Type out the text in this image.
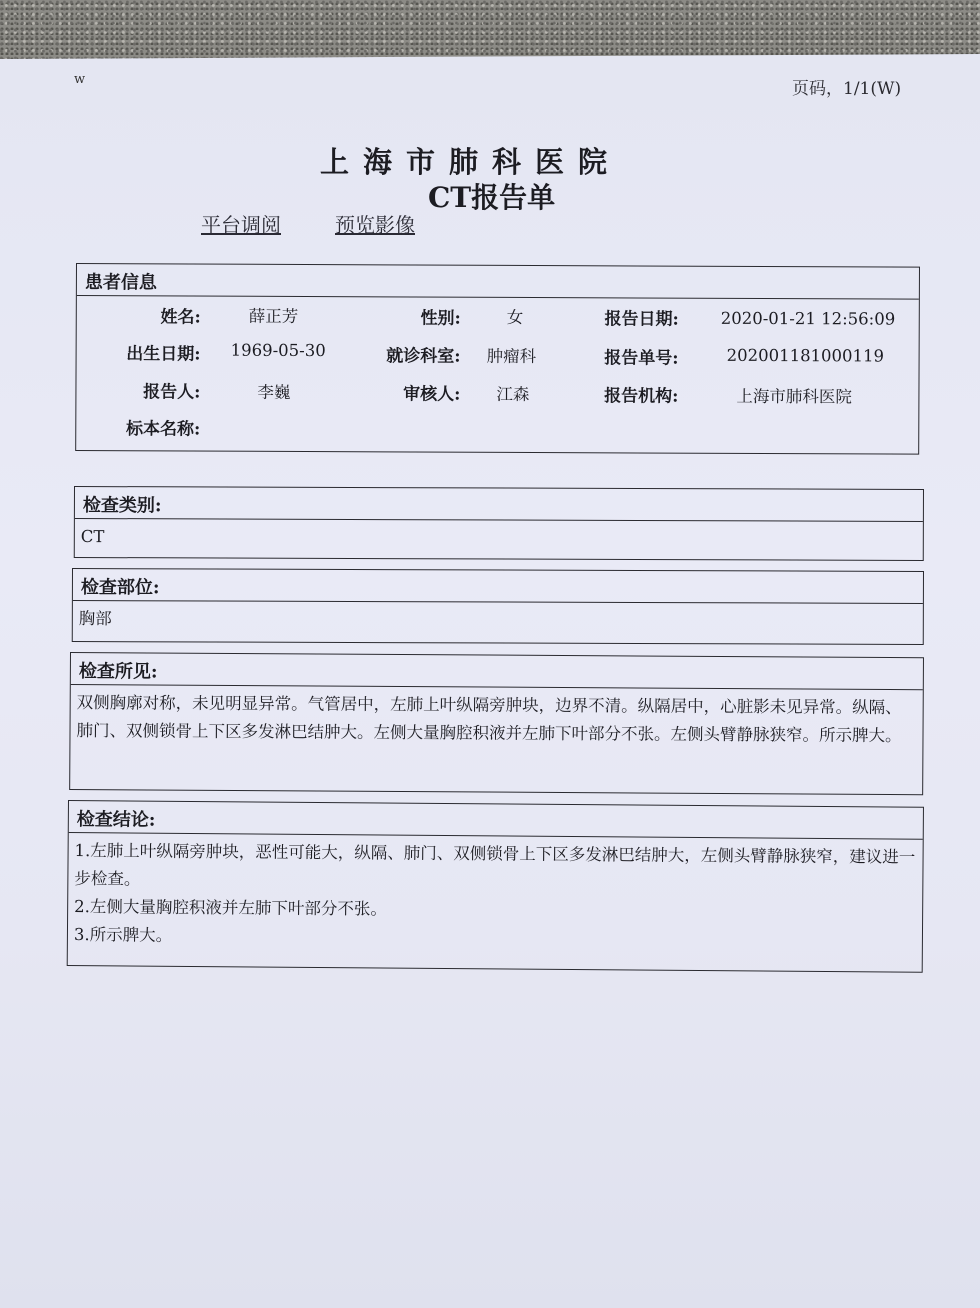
w	页码，1/1(W)
上海市肺科医院
CT报告单
平台调阅	预览影像
患者信息
姓名:	薛正芳	性别:	女	报告日期:	2020-01-21 12:56:09
出生日期: 1969-05-30	就诊科室: 肿瘤科	报告单号:	202001181000119
报告人:	李巍	审核人: 江森	报告机构:	上海市肺科医院
标本名称:
检查类别:
CT
检查部位:
胸部
检查所见:
双侧胸廓对称，未见明显异常。气管居中，左肺上叶纵隔旁肿块，边界不清。纵隔居中，心脏影未见异常。纵隔、肺门、双侧锁骨上下区多发淋巴结肿大。左侧大量胸腔积液并左肺下叶部分不张。左侧头臂静脉狭窄。所示脾大。
检查结论:

1.左肺上叶纵隔旁肿块，恶性可能大，纵隔、肺门、双侧锁骨上下区多发淋巴结肿大，左侧头臂静脉狭窄，建议进一步检查。

2.左侧大量胸腔积液并左肺下叶部分不张。

3.所示脾大。
